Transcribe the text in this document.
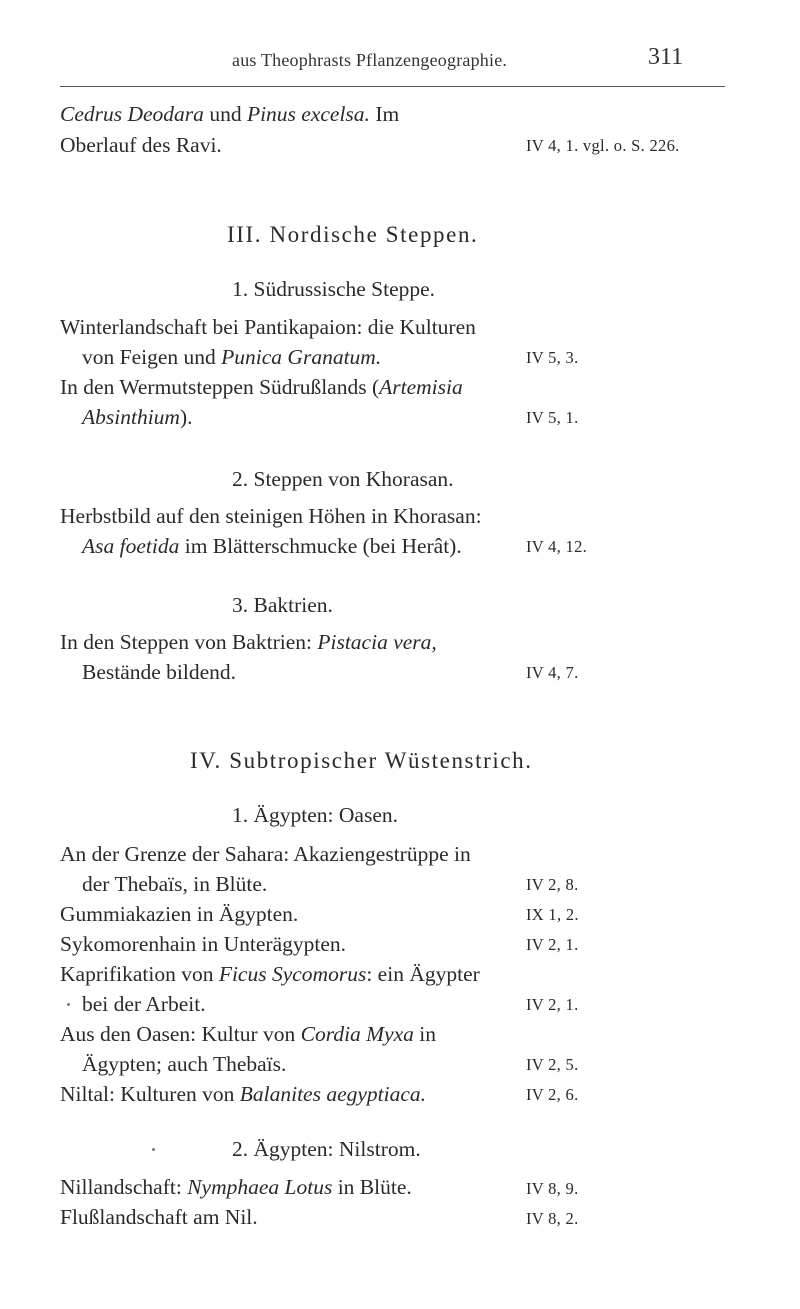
aus Theophrasts Pflanzengeographie.	311
Cedrus Deodara und Pinus excelsa. Im
Oberlauf des Ravi.	IV 4, 1. vgl. o. S. 226.
III. Nordische Steppen.
1. Südrussische Steppe.
Winterlandschaft bei Pantikapaion: die Kulturen
von Feigen und Punica Granatum.	IV 5, 3.
In den Wermutsteppen Südrußlands (Artemisia
Absinthium).	IV 5, 1.
2. Steppen von Khorasan.
Herbstbild auf den steinigen Höhen in Khorasan:
Asa foetida im Blätterschmucke (bei Herât).	IV 4, 12.
3. Baktrien.
In den Steppen von Baktrien: Pistacia vera,
Bestände bildend.	IV 4, 7.
IV. Subtropischer Wüstenstrich.
1. Ägypten: Oasen.
An der Grenze der Sahara: Akaziengestrüppe in
der Thebaïs, in Blüte.	IV 2, 8.
Gummiakazien in Ägypten.	IX 1, 2.
Sykomorenhain in Unterägypten.	IV 2, 1.
Kaprifikation von Ficus Sycomorus: ein Ägypter
bei der Arbeit.	IV 2, 1.
Aus den Oasen: Kultur von Cordia Myxa in
Ägypten; auch Thebaïs.	IV 2, 5.
Niltal: Kulturen von Balanites aegyptiaca.	IV 2, 6.
2. Ägypten: Nilstrom.
Nillandschaft: Nymphaea Lotus in Blüte.	IV 8, 9.
Flußlandschaft am Nil.	IV 8, 2.
